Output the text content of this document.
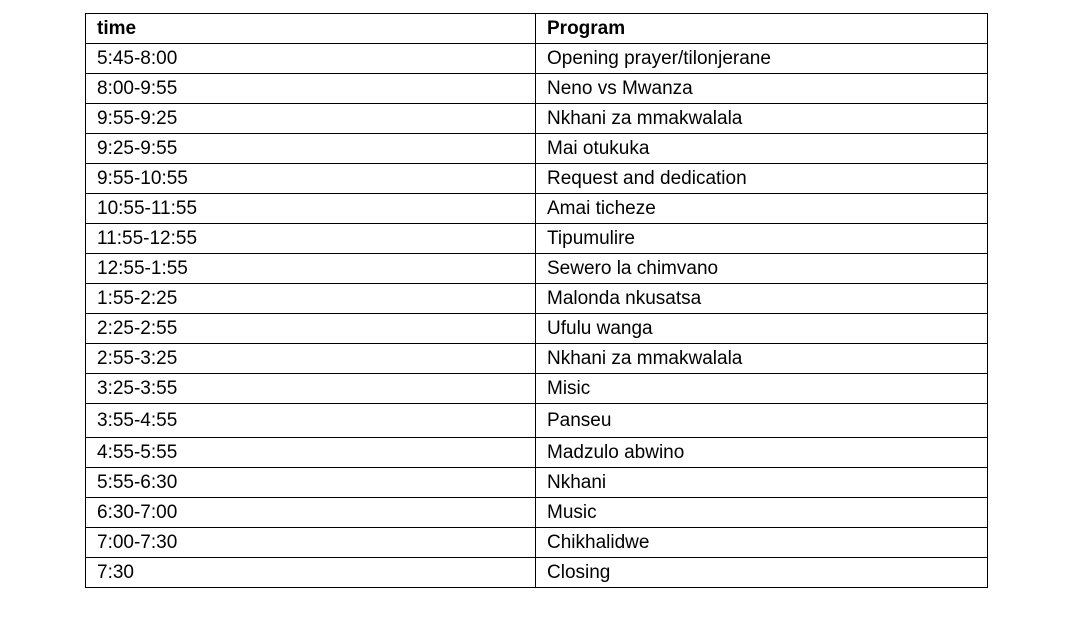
time	Program
5:45-8:00	Opening prayer/tilonjerane
8:00-9:55	Neno vs Mwanza
9:55-9:25	Nkhani za mmakwalala
9:25-9:55	Mai otukuka
9:55-10:55	Request and dedication
10:55-11:55	Amai ticheze
11:55-12:55	Tipumulire
12:55-1:55	Sewero la chimvano
1:55-2:25	Malonda nkusatsa
2:25-2:55	Ufulu wanga
2:55-3:25	Nkhani za mmakwalala
3:25-3:55	Misic
3:55-4:55	Panseu
4:55-5:55	Madzulo abwino
5:55-6:30	Nkhani
6:30-7:00	Music
7:00-7:30	Chikhalidwe
7:30	Closing
